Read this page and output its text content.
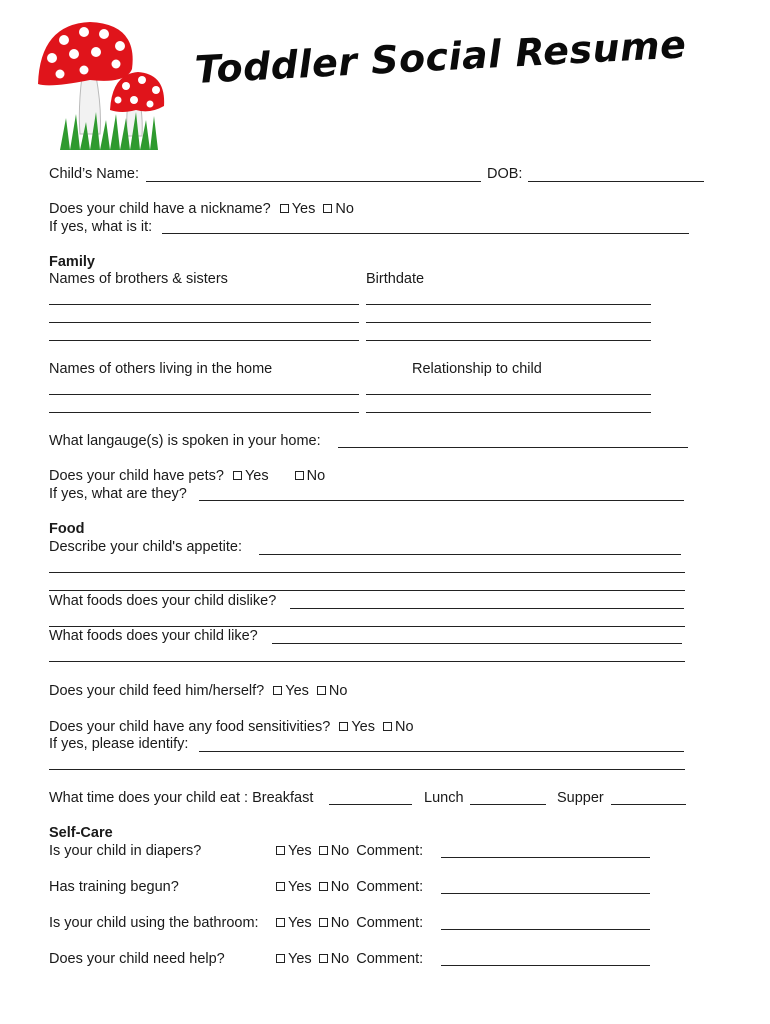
Toddler Social Resume
Child’s Name:	DOB:
Does your child have a nickname? Yes No
If yes, what is it:
Family
Names of brothers & sisters	Birthdate
Names of others living in the home	Relationship to child
What langauge(s) is spoken in your home:
Does your child have pets? Yes	No
If yes, what are they?
Food
Describe your child's appetite:
What foods does your child dislike?
What foods does your child like?
Does your child feed him/herself? Yes No
Does your child have any food sensitivities? Yes No
If yes, please identify:
What time does your child eat : Breakfast	Lunch	Supper
Self-Care
Is your child in diapers?	Yes No Comment:
Has training begun?	Yes No Comment:
Is your child using the bathroom:	Yes No Comment:
Does your child need help?	Yes No Comment:
